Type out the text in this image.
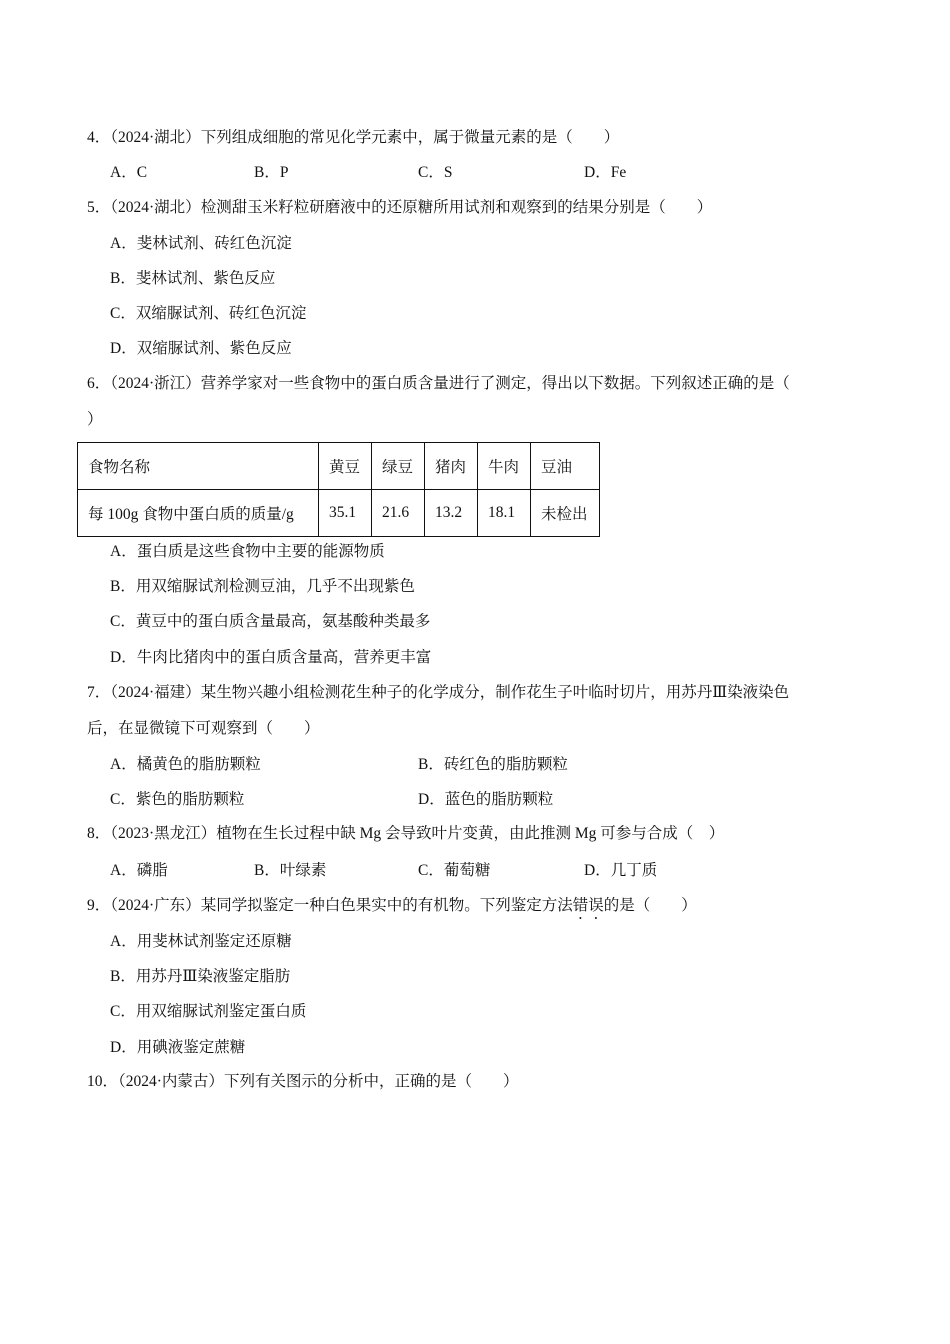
4．（2024·湖北）下列组成细胞的常见化学元素中，属于微量元素的是（　　）
A．C	B．P	C．S	D．Fe
5．（2024·湖北）检测甜玉米籽粒研磨液中的还原糖所用试剂和观察到的结果分别是（　　）
A．斐林试剂、砖红色沉淀
B．斐林试剂、紫色反应
C．双缩脲试剂、砖红色沉淀
D．双缩脲试剂、紫色反应
6．（2024·浙江）营养学家对一些食物中的蛋白质含量进行了测定，得出以下数据。下列叙述正确的是（
）
食物名称	黄豆	绿豆	猪肉	牛肉	豆油
每 100g 食物中蛋白质的质量/g	35.1	21.6	13.2	18.1	未检出
A．蛋白质是这些食物中主要的能源物质
B．用双缩脲试剂检测豆油，几乎不出现紫色
C．黄豆中的蛋白质含量最高，氨基酸种类最多
D．牛肉比猪肉中的蛋白质含量高，营养更丰富
7．（2024·福建）某生物兴趣小组检测花生种子的化学成分，制作花生子叶临时切片，用苏丹Ⅲ染液染色
后，在显微镜下可观察到（　　）
A．橘黄色的脂肪颗粒	B．砖红色的脂肪颗粒
C．紫色的脂肪颗粒	D．蓝色的脂肪颗粒
8．（2023·黑龙江）植物在生长过程中缺 Mg 会导致叶片变黄，由此推测 Mg 可参与合成（　）
A．磷脂	B．叶绿素	C．葡萄糖	D．几丁质
9．（2024·广东）某同学拟鉴定一种白色果实中的有机物。下列鉴定方法错误的是（　　）
A．用斐林试剂鉴定还原糖
B．用苏丹Ⅲ染液鉴定脂肪
C．用双缩脲试剂鉴定蛋白质
D．用碘液鉴定蔗糖
10．（2024·内蒙古）下列有关图示的分析中，正确的是（　　）
